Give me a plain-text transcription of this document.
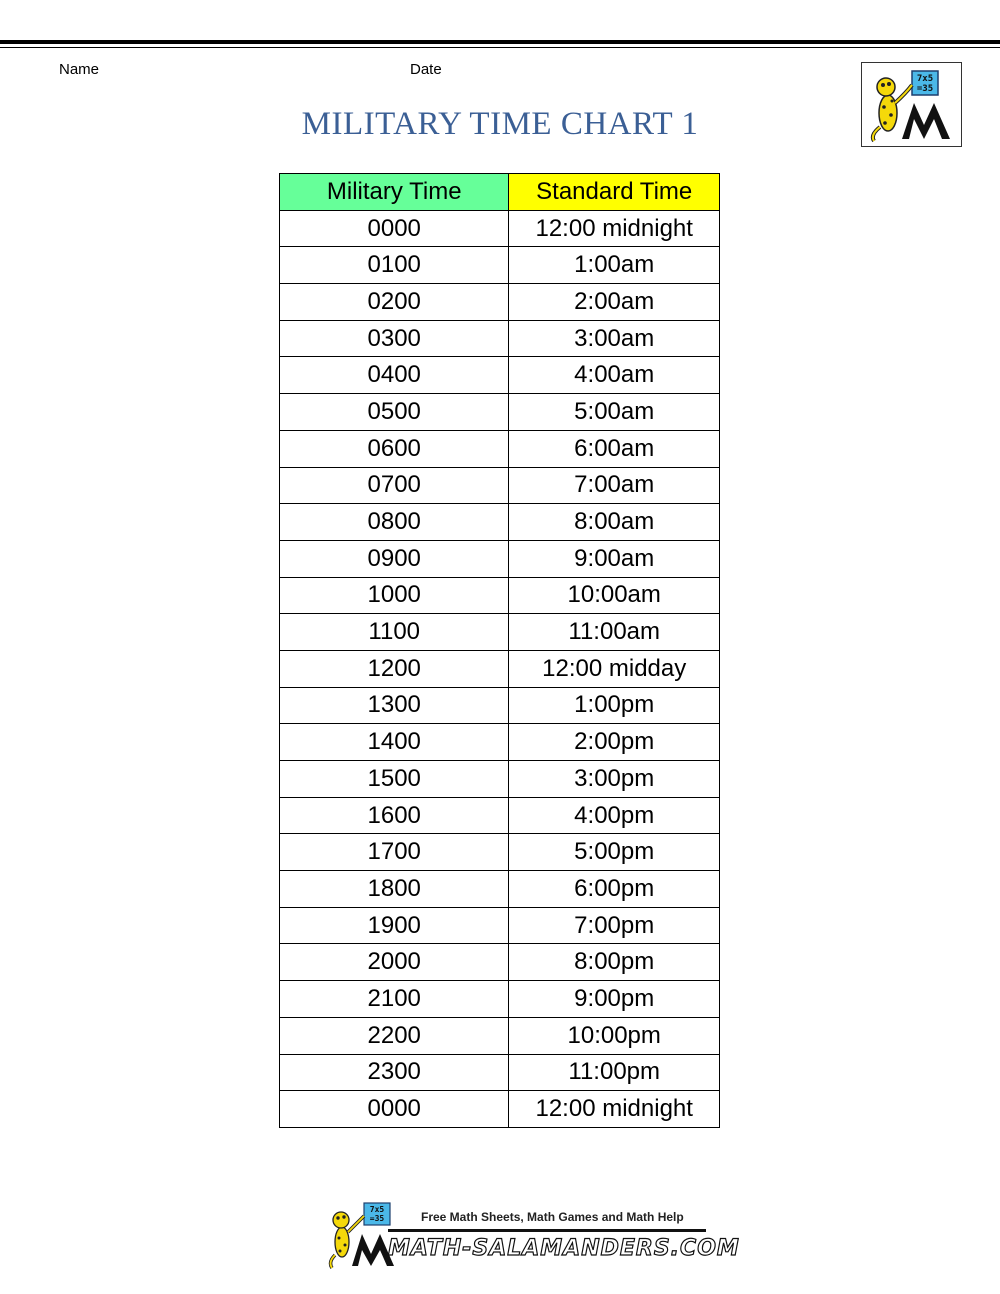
Name	Date
MILITARY TIME CHART 1
7x5
=35
Military Time	Standard Time
0000	12:00 midnight
0100	1:00am
0200	2:00am
0300	3:00am
0400	4:00am
0500	5:00am
0600	6:00am
0700	7:00am
0800	8:00am
0900	9:00am
1000	10:00am
1100	11:00am
1200	12:00 midday
1300	1:00pm
1400	2:00pm
1500	3:00pm
1600	4:00pm
1700	5:00pm
1800	6:00pm
1900	7:00pm
2000	8:00pm
2100	9:00pm
2200	10:00pm
2300	11:00pm
0000	12:00 midnight
7x5
=35	Free Math Sheets, Math Games and Math Help
MATH-SALAMANDERS.COM
